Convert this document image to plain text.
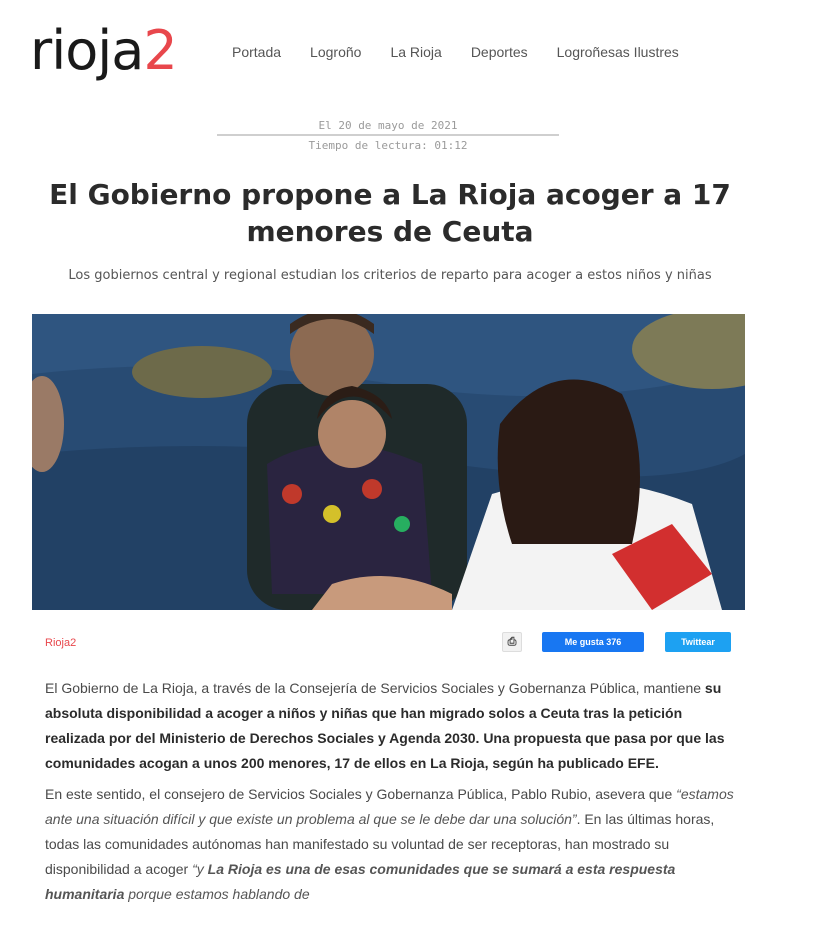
rioja2	Portada Logroño La Rioja Deportes Logroñesas Ilustres
El 20 de mayo de 2021
Tiempo de lectura: 01:12
El Gobierno propone a La Rioja acoger a 17 menores de Ceuta
Los gobiernos central y regional estudian los criterios de reparto para acoger a estos niños y niñas
Rioja2	⎙	Me gusta 376	Twittear

El Gobierno de La Rioja, a través de la Consejería de Servicios Sociales y Gobernanza Pública, mantiene su absoluta disponibilidad a acoger a niños y niñas que han migrado solos a Ceuta tras la petición realizada por del Ministerio de Derechos Sociales y Agenda 2030. Una propuesta que pasa por que las comunidades acogan a unos 200 menores, 17 de ellos en La Rioja, según ha publicado EFE.

En este sentido, el consejero de Servicios Sociales y Gobernanza Pública, Pablo Rubio, asevera que “estamos ante una situación difícil y que existe un problema al que se le debe dar una solución”. En las últimas horas, todas las comunidades autónomas han manifestado su voluntad de ser receptoras, han mostrado su disponibilidad a acoger “y La Rioja es una de esas comunidades que se sumará a esta respuesta humanitaria porque estamos hablando de
